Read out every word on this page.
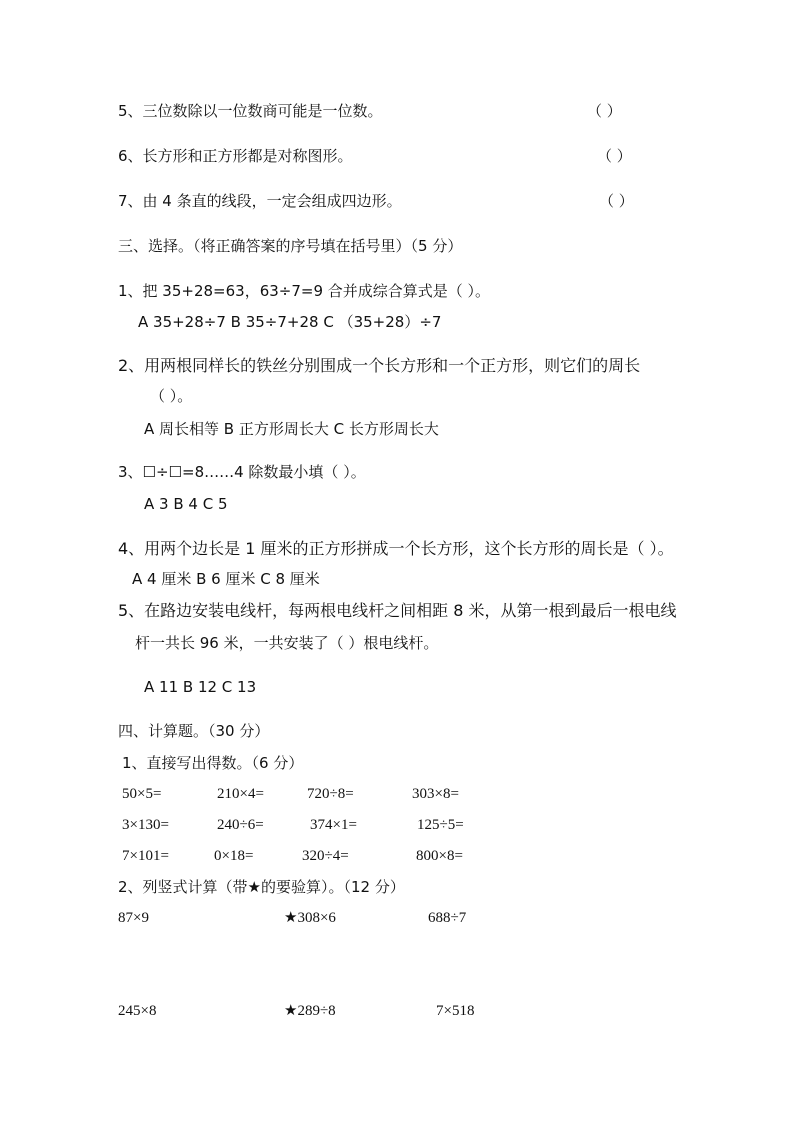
5、三位数除以一位数商可能是一位数。	（ ）
6、长方形和正方形都是对称图形。	（ ）
7、由 4 条直的线段，一定会组成四边形。	（ ）
三、选择。（将正确答案的序号填在括号里）（5 分）
1、把 35+28=63，63÷7=9 合并成综合算式是（ ）。
A 35+28÷7 B 35÷7+28 C （35+28）÷7
2、用两根同样长的铁丝分别围成一个长方形和一个正方形，则它们的周长
（ ）。
A 周长相等 B 正方形周长大 C 长方形周长大
3、☐÷☐=8……4 除数最小填（ ）。
A 3 B 4 C 5
4、用两个边长是 1 厘米的正方形拼成一个长方形，这个长方形的周长是（ ）。
A 4 厘米 B 6 厘米 C 8 厘米
5、在路边安装电线杆，每两根电线杆之间相距 8 米，从第一根到最后一根电线
杆一共长 96 米，一共安装了（ ）根电线杆。
A 11 B 12 C 13
四、计算题。（30 分）
1、直接写出得数。（6 分）
50×5=	210×4=	720÷8=	303×8=
3×130=	240÷6=	374×1=	125÷5=
7×101=	0×18=	320÷4=	800×8=
2、列竖式计算（带★的要验算）。（12 分）
87×9	★308×6	688÷7
245×8	★289÷8	7×518
